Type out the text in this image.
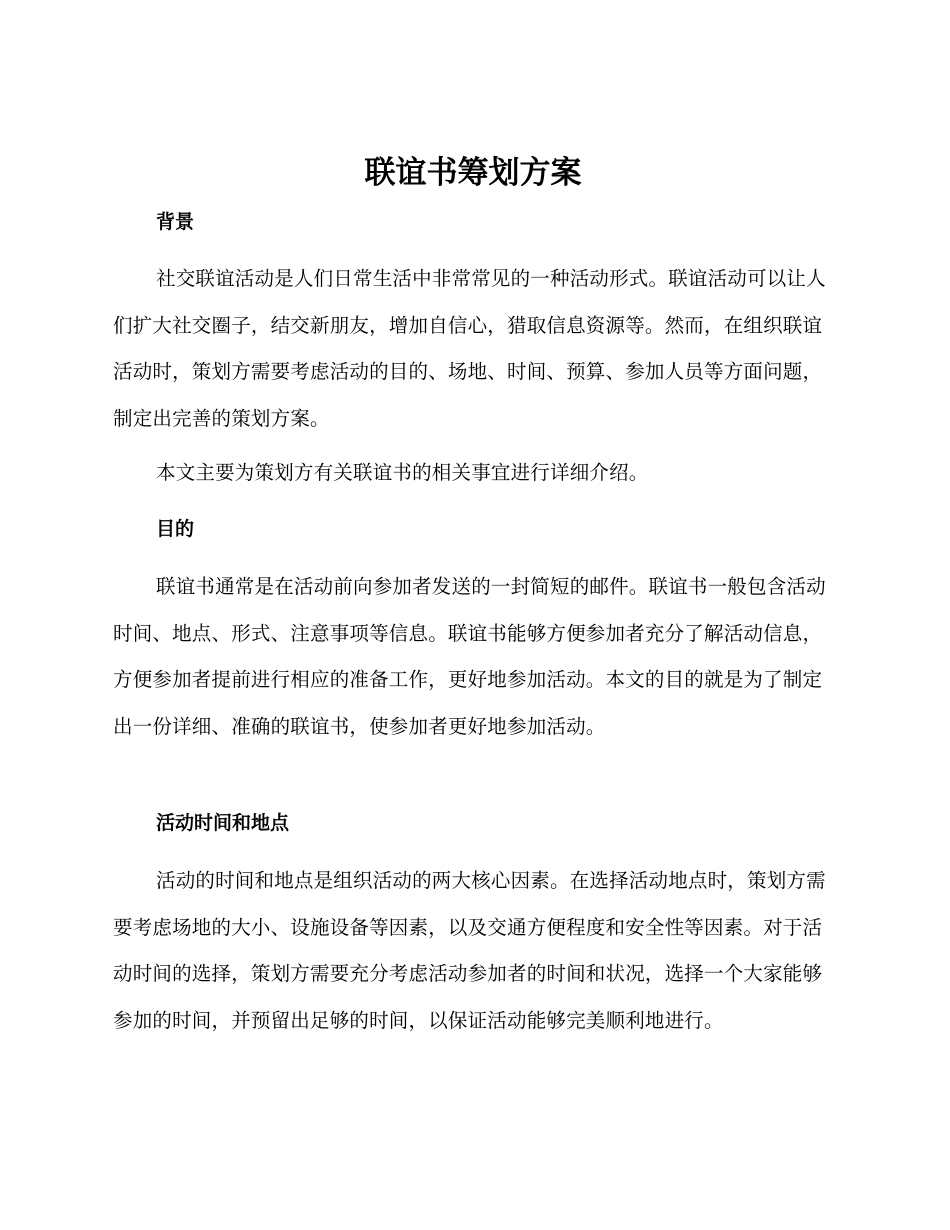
联谊书筹划方案
背景

社交联谊活动是人们日常生活中非常常见的一种活动形式。联谊活动可以让人们扩大社交圈子，结交新朋友，增加自信心，猎取信息资源等。然而，在组织联谊活动时，策划方需要考虑活动的目的、场地、时间、预算、参加人员等方面问题，制定出完善的策划方案。

本文主要为策划方有关联谊书的相关事宜进行详细介绍。

目的

联谊书通常是在活动前向参加者发送的一封简短的邮件。联谊书一般包含活动时间、地点、形式、注意事项等信息。联谊书能够方便参加者充分了解活动信息，方便参加者提前进行相应的准备工作，更好地参加活动。本文的目的就是为了制定出一份详细、准确的联谊书，使参加者更好地参加活动。

活动时间和地点

活动的时间和地点是组织活动的两大核心因素。在选择活动地点时，策划方需要考虑场地的大小、设施设备等因素，以及交通方便程度和安全性等因素。对于活动时间的选择，策划方需要充分考虑活动参加者的时间和状况，选择一个大家能够参加的时间，并预留出足够的时间，以保证活动能够完美顺利地进行。
